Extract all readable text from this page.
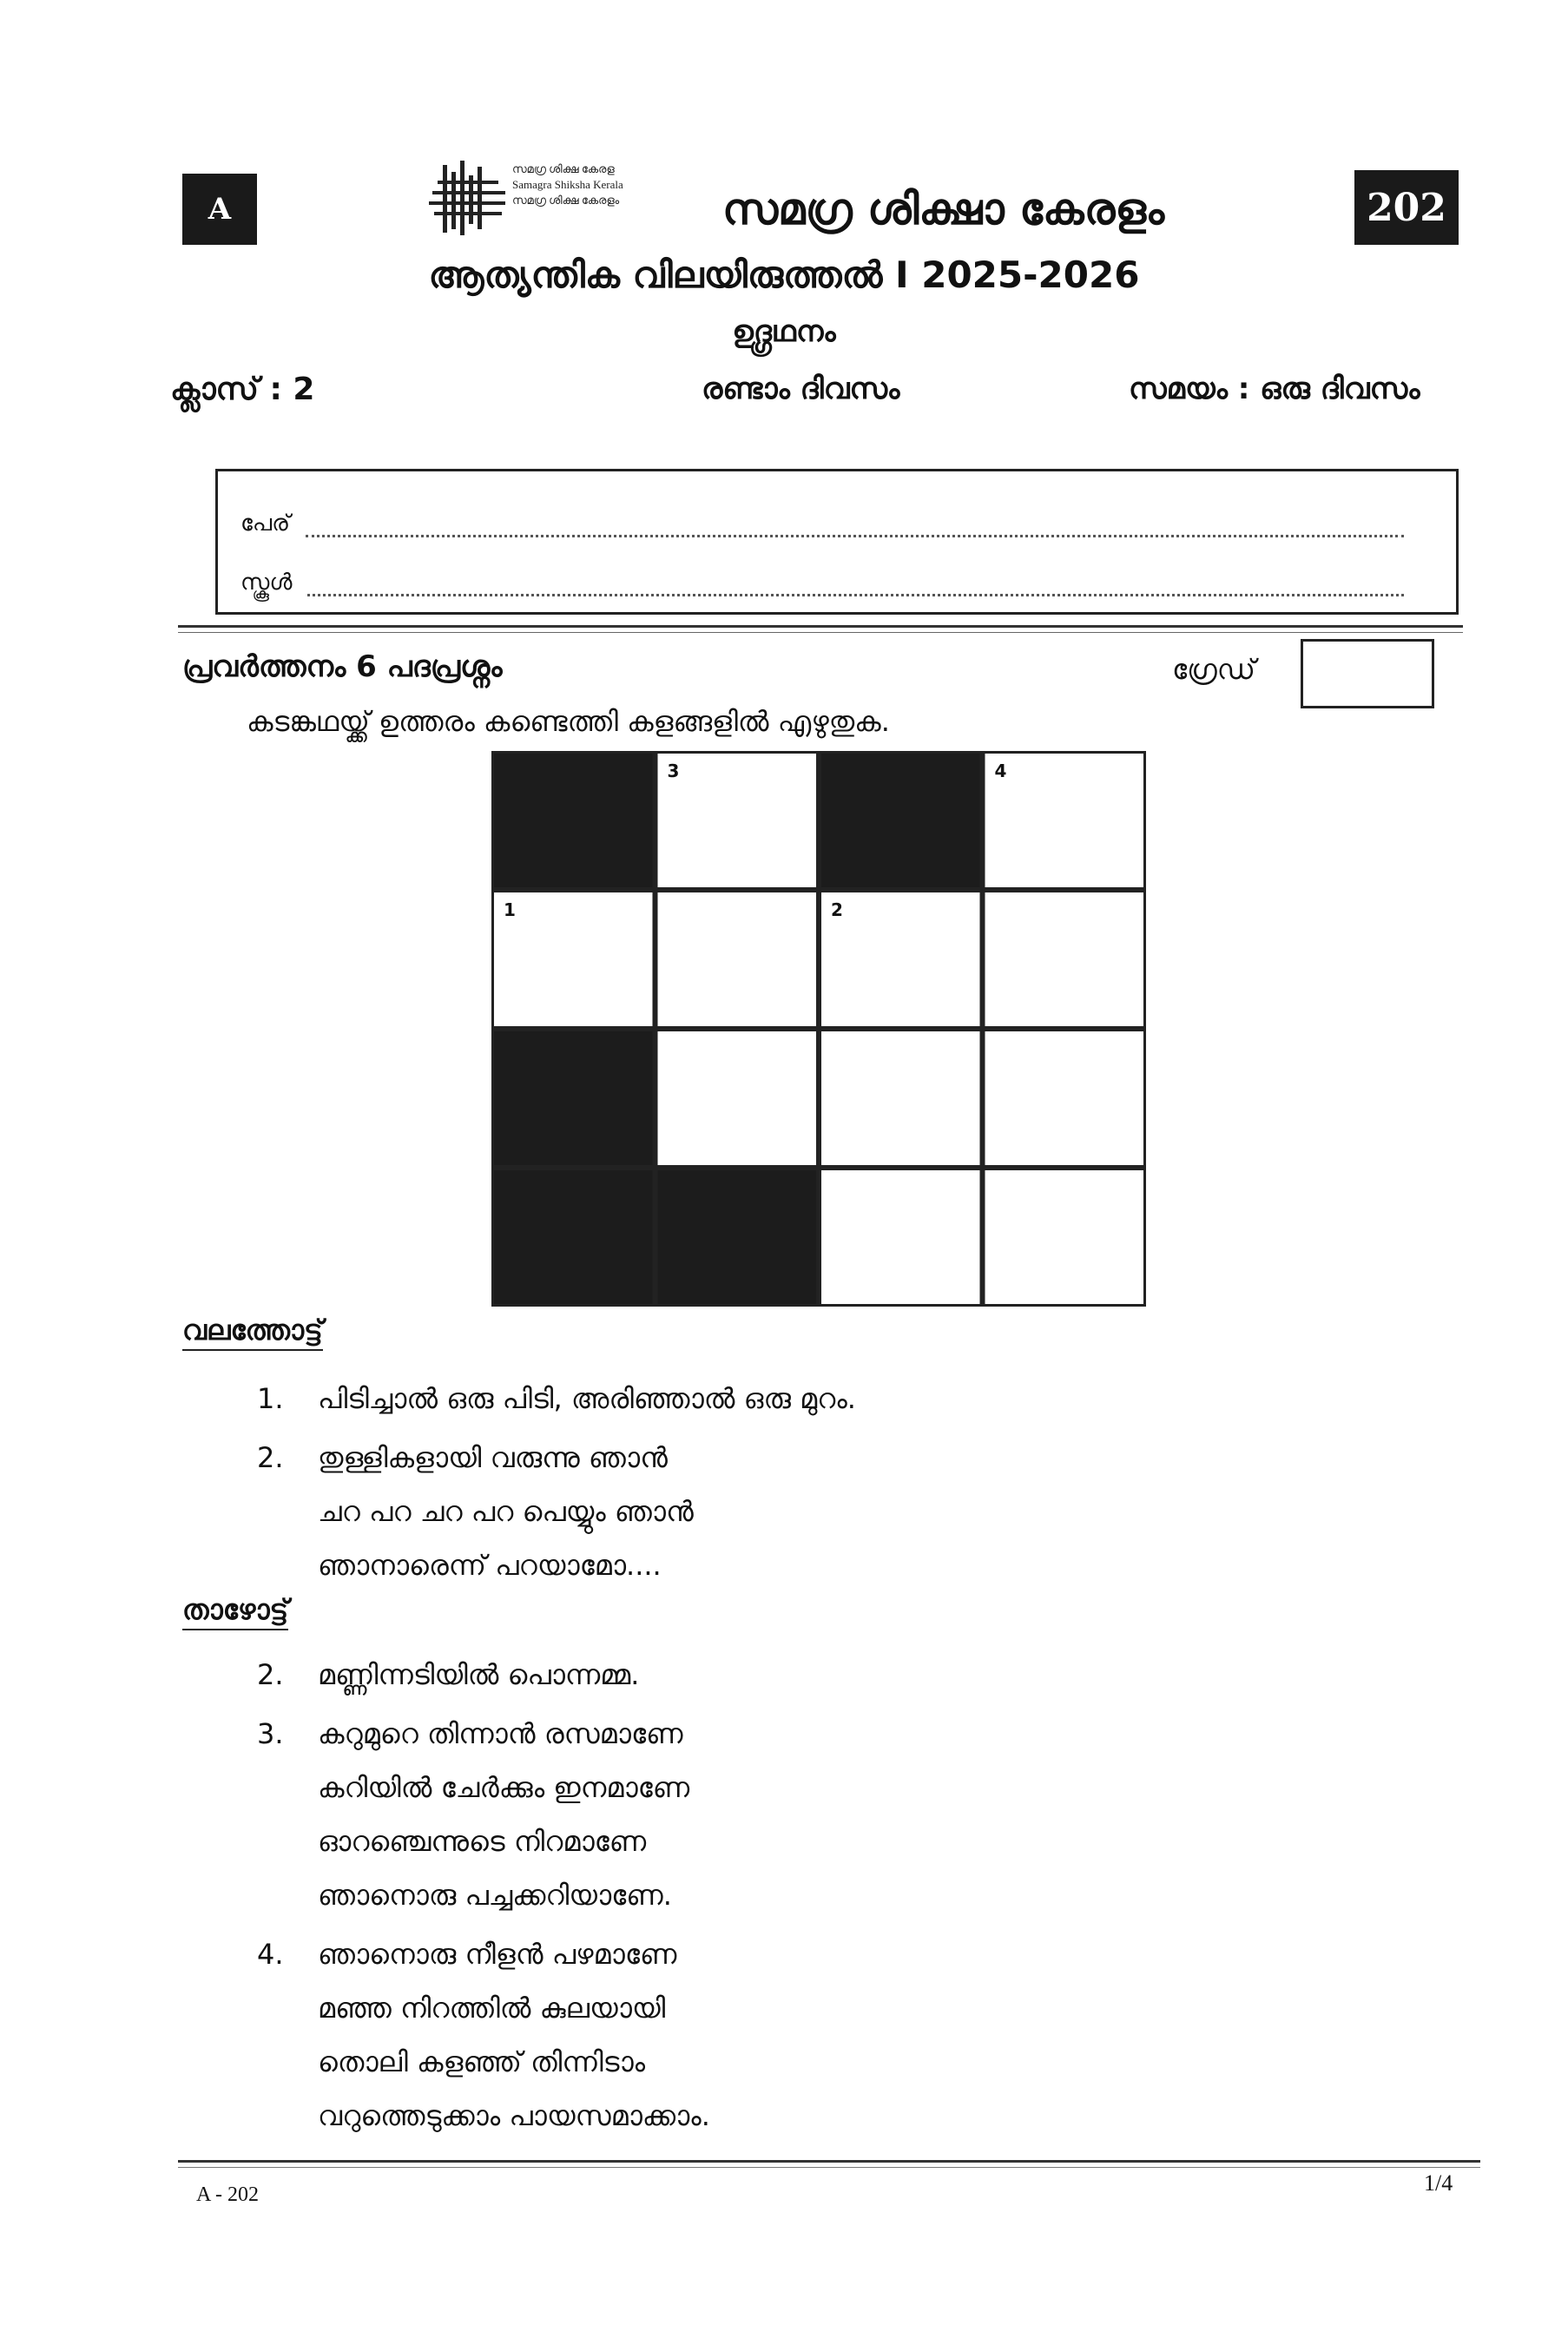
A
സമഗ്ര ശിക്ഷ കേരള
Samagra Shiksha Kerala
സമഗ്ര ശിക്ഷ കേരളം സമഗ്ര ശിക്ഷാ കേരളം	202
ആത്യന്തിക വിലയിരുത്തൽ I 2025-2026
ഉദ്ഗ്രഥനം
ക്ലാസ് : 2	രണ്ടാം ദിവസം	സമയം : ഒരു ദിവസം
പേര്
സ്കൂൾ
പ്രവർത്തനം 6 പദപ്രശ്നം	ഗ്രേഡ്
കടങ്കഥയ്ക്ക് ഉത്തരം കണ്ടെത്തി കളങ്ങളിൽ എഴുതുക.
3	4
1	2
വലത്തോട്ട്
1.	പിടിച്ചാൽ ഒരു പിടി, അരിഞ്ഞാൽ ഒരു മുറം.
2.	തുള്ളികളായി വരുന്നു ഞാൻ
ചറ പറ ചറ പറ പെയ്യും ഞാൻ
ഞാനാരെന്ന് പറയാമോ....
താഴോട്ട്
2.	മണ്ണിന്നടിയിൽ പൊന്നമ്മ.
3.	കറുമുറെ തിന്നാൻ രസമാണേ
കറിയിൽ ചേർക്കും ഇനമാണേ
ഓറഞ്ചെന്നുടെ നിറമാണേ
ഞാനൊരു പച്ചക്കറിയാണേ.
4.	ഞാനൊരു നീളൻ പഴമാണേ
മഞ്ഞ നിറത്തിൽ കുലയായി
തൊലി കളഞ്ഞ് തിന്നിടാം
വറുത്തെടുക്കാം പായസമാക്കാം.
A - 202	1/4
